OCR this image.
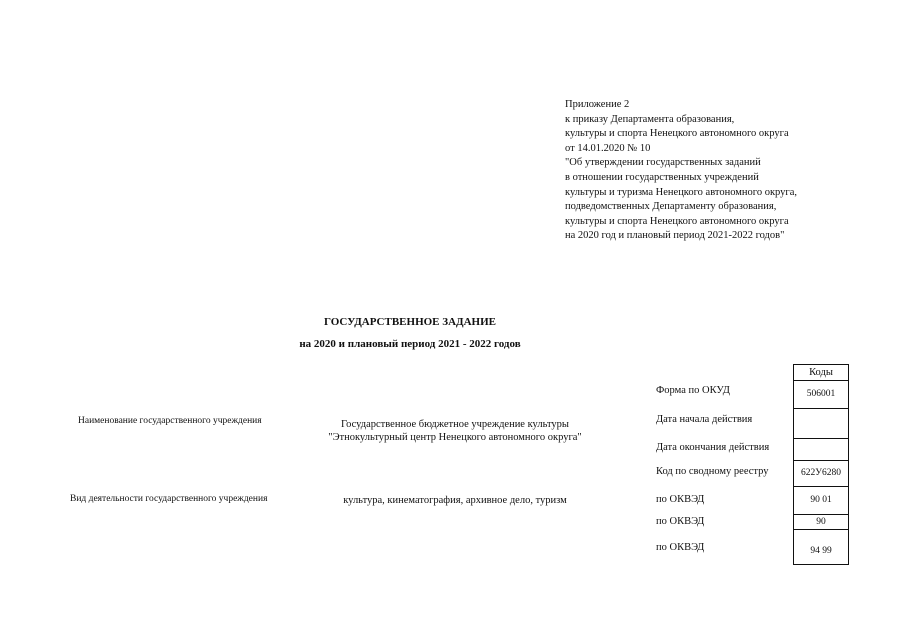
Приложение 2
к приказу Департамента образования,
культуры и спорта Ненецкого автономного округа
от 14.01.2020 № 10
"Об утверждении государственных заданий
в отношении государственных учреждений
культуры и туризма Ненецкого автономного округа,
подведомственных Департаменту образования,
культуры и спорта Ненецкого автономного округа
на 2020 год и плановый период 2021-2022 годов"
ГОСУДАРСТВЕННОЕ ЗАДАНИЕ
на 2020 и плановый период 2021 - 2022 годов
Наименование государственного учреждения	Государственное бюджетное учреждение культуры
"Этнокультурный центр Ненецкого автономного округа"
Вид деятельности государственного учреждения	культура, кинематография, архивное дело, туризм
Форма по ОКУД
Дата начала действия
Дата окончания действия
Код по сводному реестру
по ОКВЭД
по ОКВЭД
по ОКВЭД
Коды
506001
622У6280
90 01
90
94 99
